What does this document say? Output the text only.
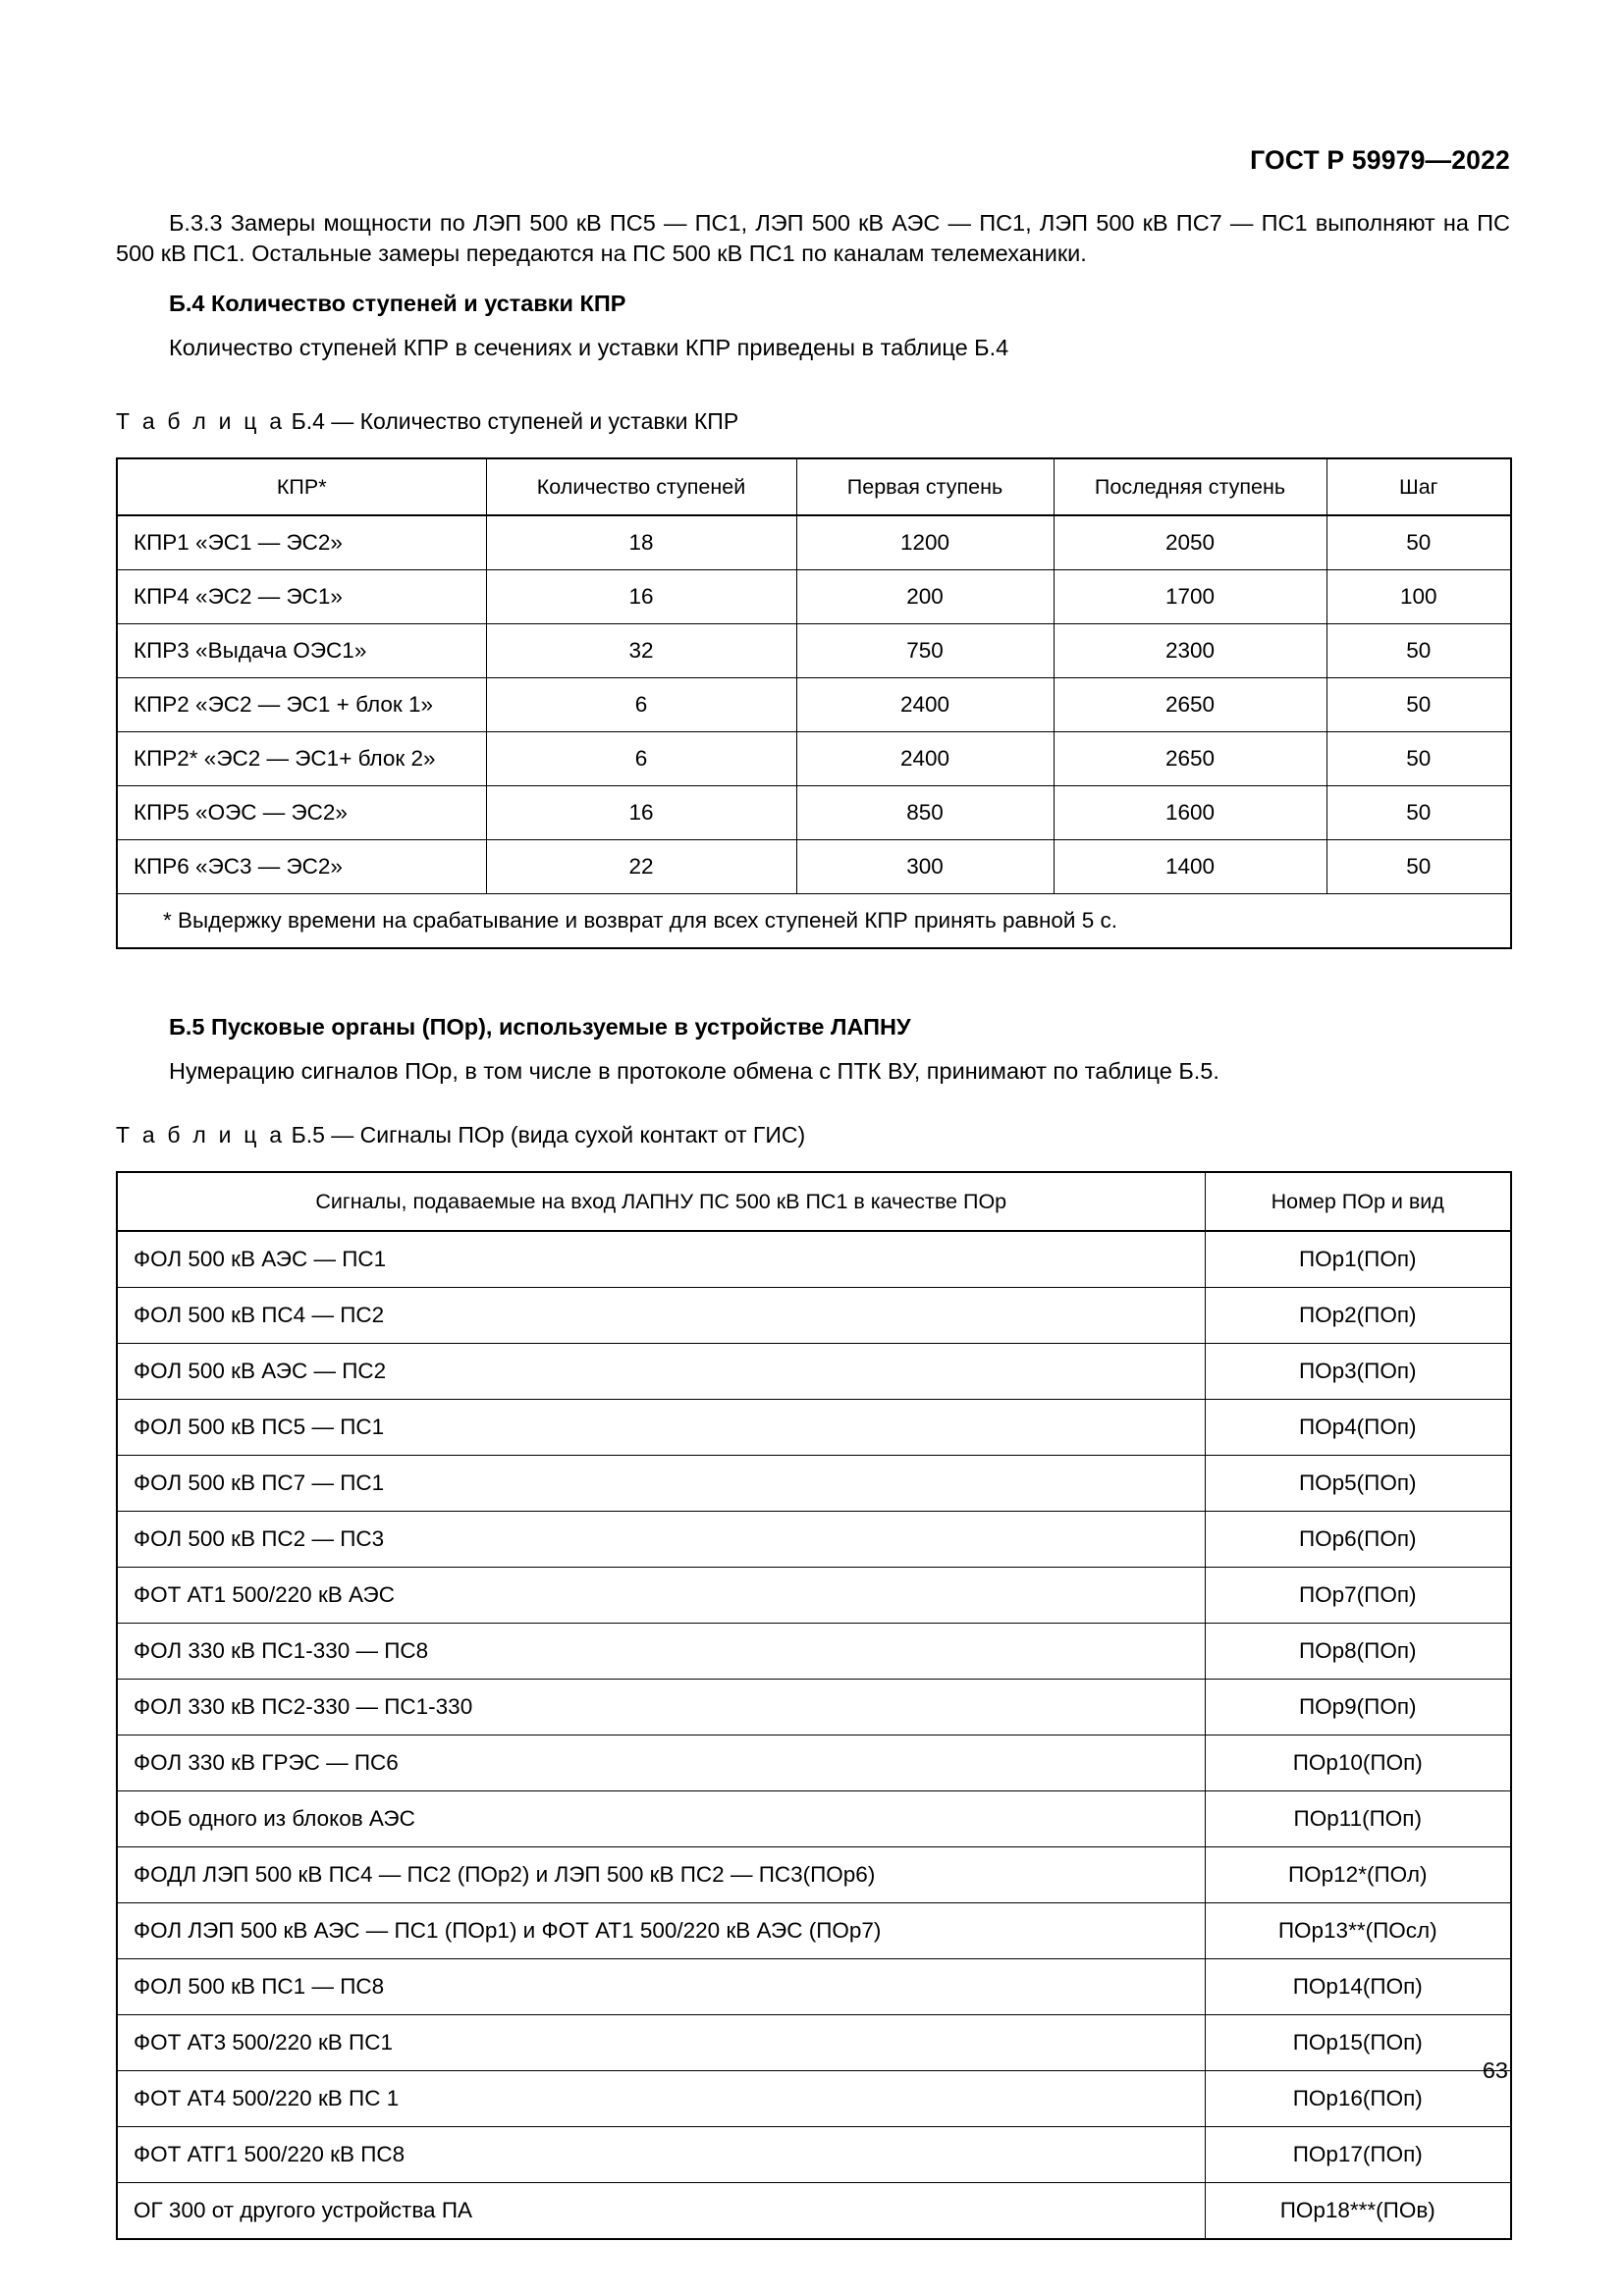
ГОСТ Р 59979—2022

Б.3.3 Замеры мощности по ЛЭП 500 кВ ПС5 — ПС1, ЛЭП 500 кВ АЭС — ПС1, ЛЭП 500 кВ ПС7 — ПС1 выполняют на ПС 500 кВ ПС1. Остальные замеры передаются на ПС 500 кВ ПС1 по каналам телемеханики.

Б.4 Количество ступеней и уставки КПР

Количество ступеней КПР в сечениях и уставки КПР приведены в таблице Б.4

Т а б л и ц а Б.4 — Количество ступеней и уставки КПР

КПР*	Количество ступеней	Первая ступень	Последняя ступень	Шаг
КПР1 «ЭС1 — ЭС2»	18	1200	2050	50
КПР4 «ЭС2 — ЭС1»	16	200	1700	100
КПР3 «Выдача ОЭС1»	32	750	2300	50
КПР2 «ЭС2 — ЭС1 + блок 1»	6	2400	2650	50
КПР2* «ЭС2 — ЭС1+ блок 2»	6	2400	2650	50
КПР5 «ОЭС — ЭС2»	16	850	1600	50
КПР6 «ЭС3 — ЭС2»	22	300	1400	50
* Выдержку времени на срабатывание и возврат для всех ступеней КПР принять равной 5 с.				

Б.5 Пусковые органы (ПОр), используемые в устройстве ЛАПНУ

Нумерацию сигналов ПОр, в том числе в протоколе обмена с ПТК ВУ, принимают по таблице Б.5.

Т а б л и ц а Б.5 — Сигналы ПОр (вида сухой контакт от ГИС)

Сигналы, подаваемые на вход ЛАПНУ ПС 500 кВ ПС1 в качестве ПОр	Номер ПОр и вид
ФОЛ 500 кВ АЭС — ПС1	ПОр1(ПОп)
ФОЛ 500 кВ ПС4 — ПС2	ПОр2(ПОп)
ФОЛ 500 кВ АЭС — ПС2	ПОр3(ПОп)
ФОЛ 500 кВ ПС5 — ПС1	ПОр4(ПОп)
ФОЛ 500 кВ ПС7 — ПС1	ПОр5(ПОп)
ФОЛ 500 кВ ПС2 — ПС3	ПОр6(ПОп)
ФОТ АТ1 500/220 кВ АЭС	ПОр7(ПОп)
ФОЛ 330 кВ ПС1-330 — ПС8	ПОр8(ПОп)
ФОЛ 330 кВ ПС2-330 — ПС1-330	ПОр9(ПОп)
ФОЛ 330 кВ ГРЭС — ПС6	ПОр10(ПОп)
ФОБ одного из блоков АЭС	ПОр11(ПОп)
ФОДЛ ЛЭП 500 кВ ПС4 — ПС2 (ПОр2) и ЛЭП 500 кВ ПС2 — ПС3(ПОр6)	ПОр12*(ПОл)
ФОЛ ЛЭП 500 кВ АЭС — ПС1 (ПОр1) и ФОТ АТ1 500/220 кВ АЭС (ПОр7)	ПОр13**(ПОсл)
ФОЛ 500 кВ ПС1 — ПС8	ПОр14(ПОп)
ФОТ АТ3 500/220 кВ ПС1	ПОр15(ПОп)
ФОТ АТ4 500/220 кВ ПС 1	ПОр16(ПОп)
ФОТ АТГ1 500/220 кВ ПС8	ПОр17(ПОп)
ОГ 300 от другого устройства ПА	ПОр18***(ПОв)
63
